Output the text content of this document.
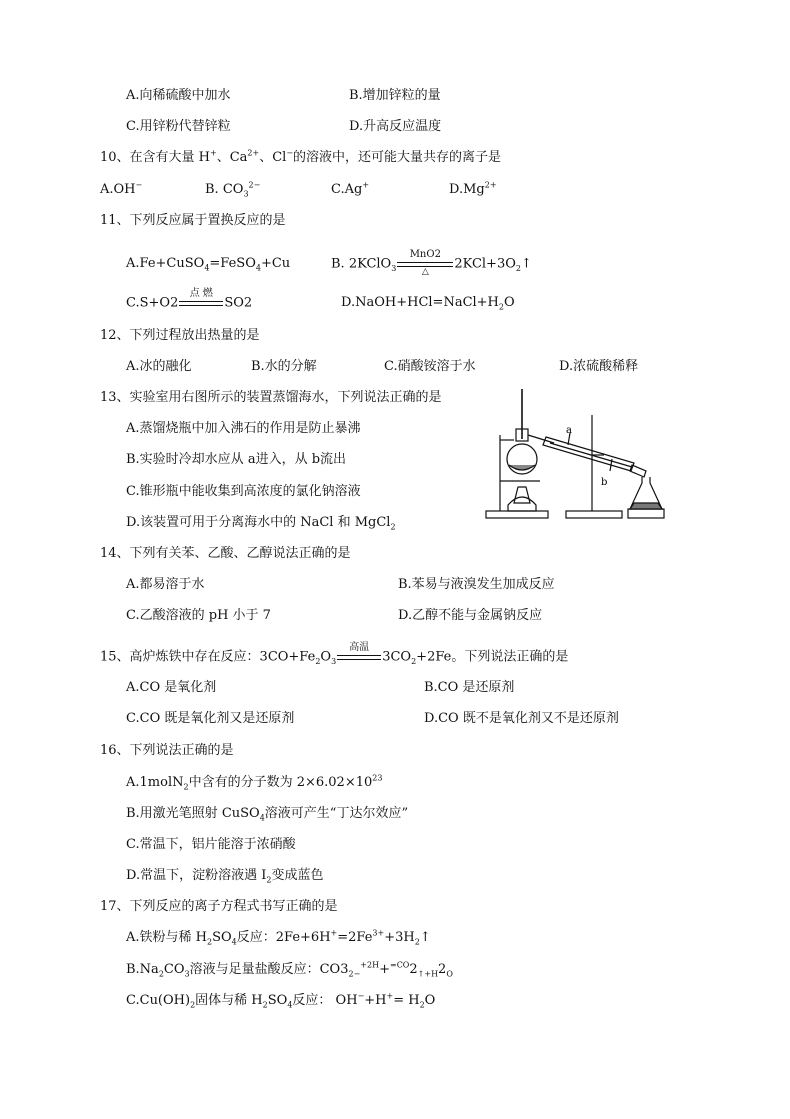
A.向稀硫酸中加水	B.增加锌粒的量
C.用锌粉代替锌粒	D.升高反应温度
10、在含有大量 H+、$Ca^{2+}$、Cl−的溶液中，还可能大量共存的离子是
A.OH−	B. $CO_3^{2-}$	C.Ag+	$D.Mg^{2+}$
11、下列反应属于置换反应的是
A.Fe+CuSO$_4$=FeSO$_4$+Cu	B. 2KClO$_3$
MnO2
△
$2KCl+3O_2↑$
C.S+O2
点 燃
SO2	$D.NaOH+HCl=NaCl+H_2O$
12、下列过程放出热量的是
A.冰的融化	B.水的分解	C.硝酸铵溶于水	D.浓硫酸稀释
13、实验室用右图所示的装置蒸馏海水，下列说法正确的是
A.蒸馏烧瓶中加入沸石的作用是防止暴沸
B.实验时冷却水应从 a进入，从 b流出
C.锥形瓶中能收集到高浓度的氯化钠溶液
D.该装置可用于分离海水中的 NaCl 和 MgCl$_2$
a
b
14、下列有关苯、乙酸、乙醇说法正确的是
A.都易溶于水	B.苯易与液溴发生加成反应
C.乙酸溶液的 pH 小于 7	D.乙醇不能与金属钠反应
15、高炉炼铁中存在反应：$3CO+Fe_2O_3$
高温
$3CO_2+2Fe$。下列说法正确的是
A.CO 是氧化剂	B.CO 是还原剂
C.CO 既是氧化剂又是还原剂	D.CO 既不是氧化剂又不是还原剂
16、下列说法正确的是
A.1molN$_2$中含有的分子数为 $2\times 6.02\times 10^{23}$
B.用激光笔照射 CuSO$_4$溶液可产生“丁达尔效应”
C.常温下，铝片能溶于浓硝酸
D.常温下，淀粉溶液遇 $I_2$变成蓝色
17、下列反应的离子方程式书写正确的是
A.铁粉与稀 $H_2SO_4$反应：$2Fe+6H^+=2Fe^{3+}+3H_2↑$
$B.Na_2CO_3$溶液与足量盐酸反应：$CO3_{2-}^{+2H}+^{=CO}2_{↑+H}2_O$
$C.Cu(OH)_2$固体与稀 $H_2SO_4$反应： $OH^-+H^+= H_2O$
